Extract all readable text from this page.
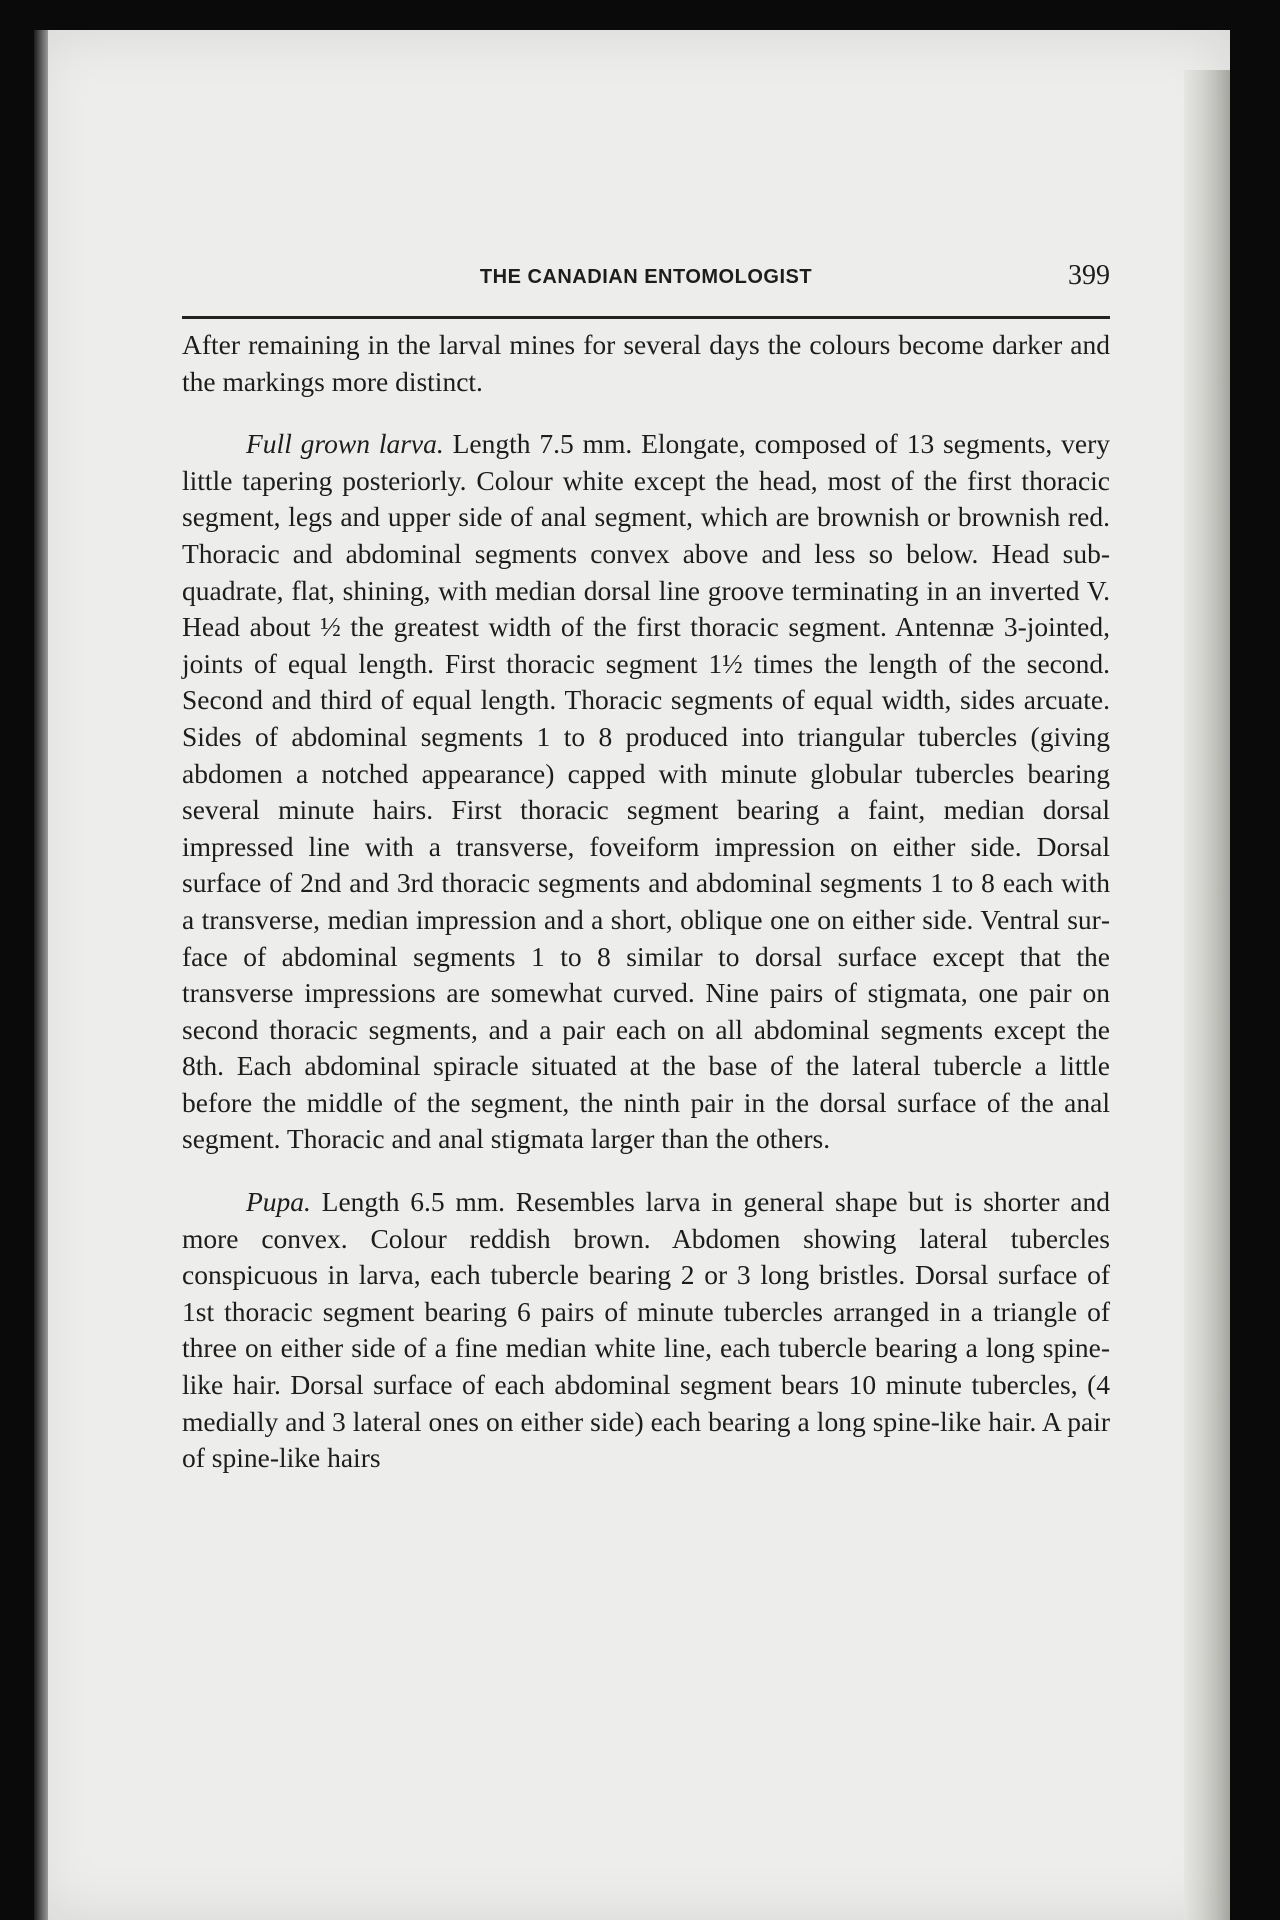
THE CANADIAN ENTOMOLOGIST	399

After remaining in the larval mines for several days the colours become darker and the markings more distinct.

Full grown larva. Length 7.5 mm. Elongate, composed of 13 segments, very little tapering posteriorly. Colour white except the head, most of the first thoracic segment, legs and upper side of anal segment, which are brownish or brownish red. Thoracic and abdominal segments convex above and less so below. Head subquadrate, flat, shining, with median dorsal line groove terminating in an inverted V. Head about ½ the greatest width of the first thoracic segment. Antennæ 3-jointed, joints of equal length. First thoracic segment 1½ times the length of the second. Second and third of equal length. Thoracic segments of equal width, sides arcuate. Sides of abdominal segments 1 to 8 produced into triangular tubercles (giving abdomen a notched appearance) capped with minute globular tubercles bearing several minute hairs. First thoracic segment bearing a faint, median dorsal impressed line with a transverse, foveiform impression on either side. Dorsal surface of 2nd and 3rd thoracic segments and abdominal segments 1 to 8 each with a transverse, median impression and a short, oblique one on either side. Ventral surface of abdominal segments 1 to 8 similar to dorsal surface except that the transverse impressions are somewhat curved. Nine pairs of stigmata, one pair on second thoracic segments, and a pair each on all abdominal segments except the 8th. Each abdominal spiracle situated at the base of the lateral tubercle a little before the middle of the segment, the ninth pair in the dorsal surface of the anal segment. Thoracic and anal stigmata larger than the others.

Pupa. Length 6.5 mm. Resembles larva in general shape but is shorter and more convex. Colour reddish brown. Abdomen showing lateral tubercles conspicuous in larva, each tubercle bearing 2 or 3 long bristles. Dorsal surface of 1st thoracic segment bearing 6 pairs of minute tubercles arranged in a triangle of three on either side of a fine median white line, each tubercle bearing a long spine-like hair. Dorsal surface of each abdominal segment bears 10 minute tubercles, (4 medially and 3 lateral ones on either side) each bearing a long spine-like hair. A pair of spine-like hairs
